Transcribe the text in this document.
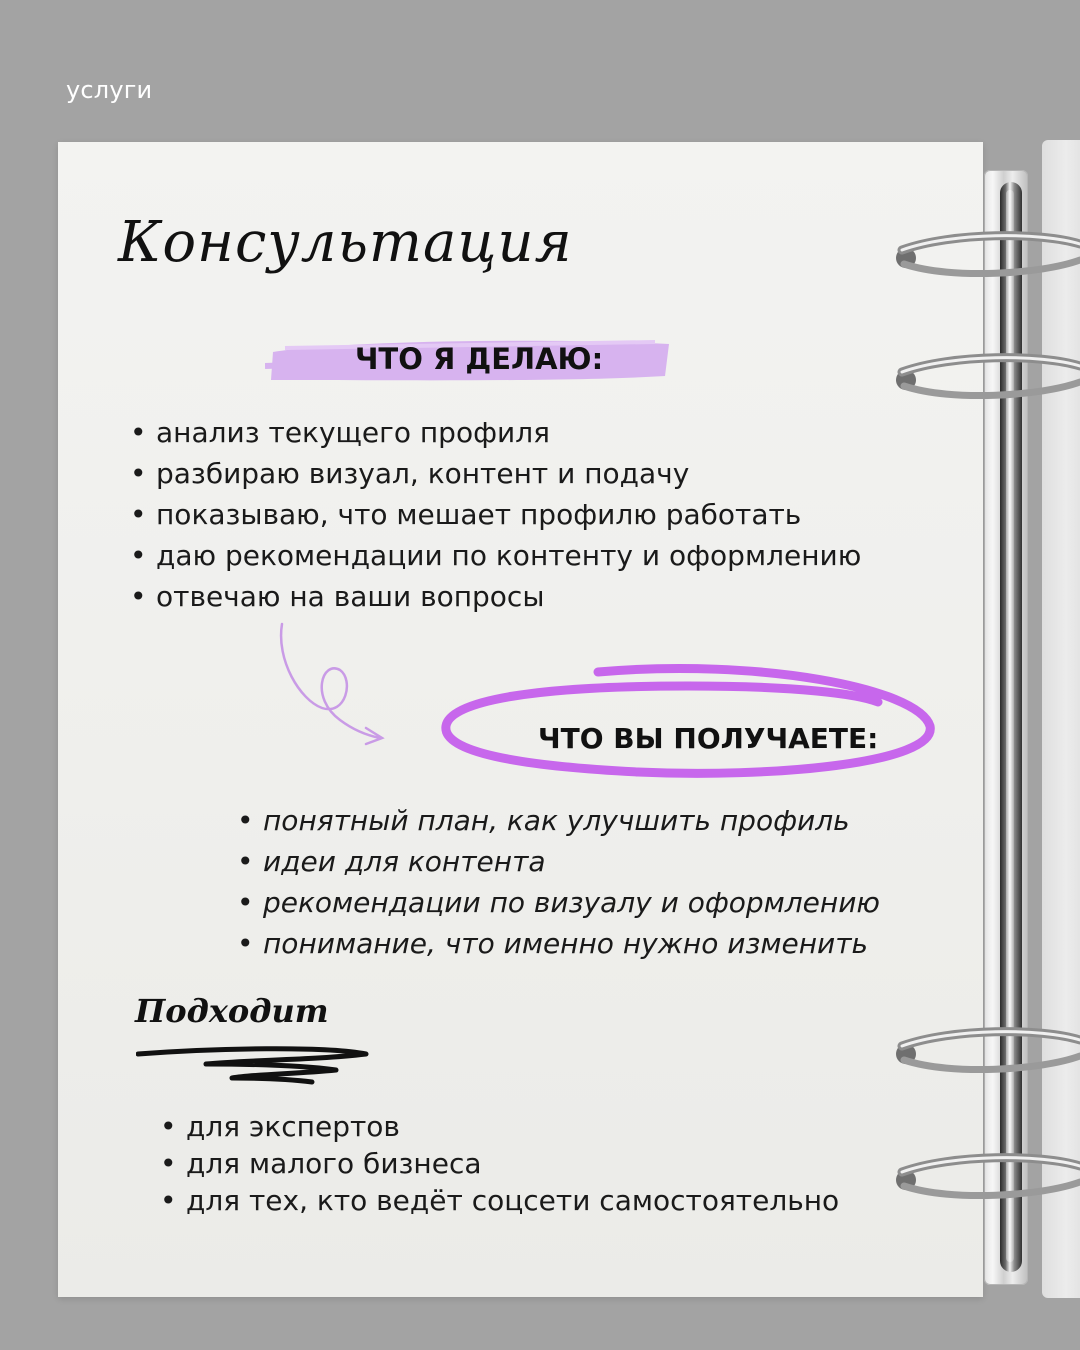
услуги
Консультация
ЧТО Я ДЕЛАЮ:
• анализ текущего профиля
• разбираю визуал, контент и подачу
• показываю, что мешает профилю работать
• даю рекомендации по контенту и оформлению
• отвечаю на ваши вопросы
ЧТО ВЫ ПОЛУЧАЕТЕ:
• понятный план, как улучшить профиль
• идеи для контента
• рекомендации по визуалу и оформлению
• понимание, что именно нужно изменить
Подходит
• для экспертов
• для малого бизнеса
• для тех, кто ведёт соцсети самостоятельно
